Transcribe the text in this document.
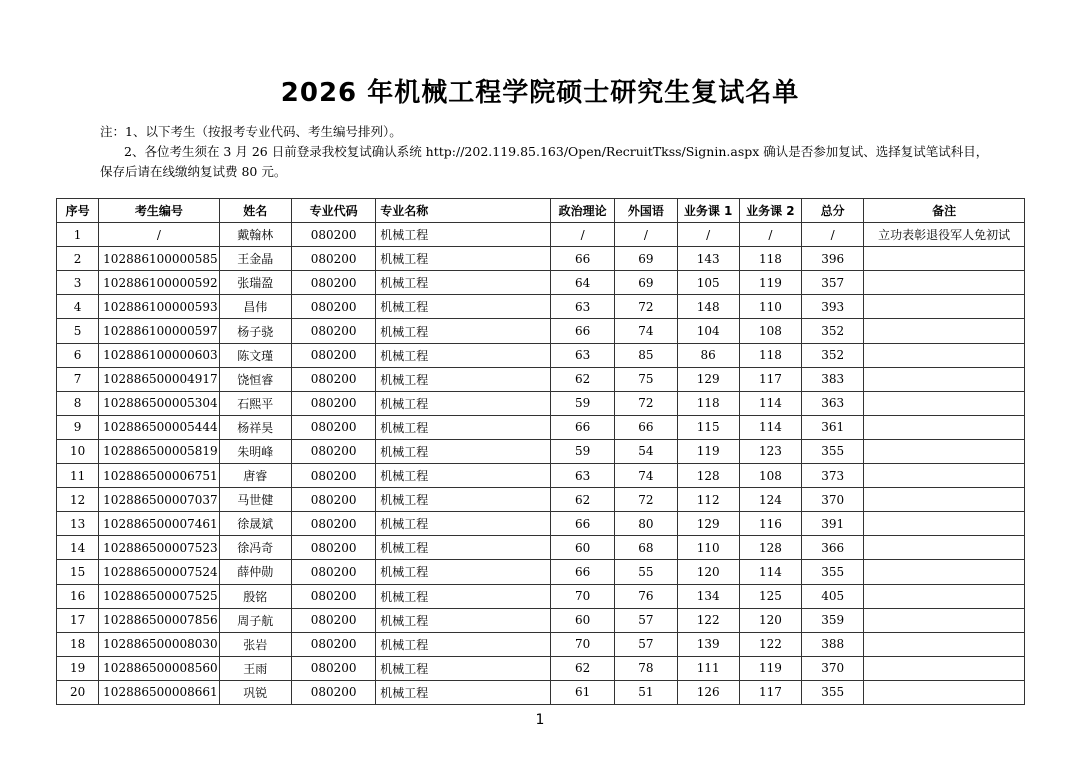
2026 年机械工程学院硕士研究生复试名单
注：1、以下考生（按报考专业代码、考生编号排列）。
2、各位考生须在 3 月 26 日前登录我校复试确认系统 http://202.119.85.163/Open/RecruitTkss/Signin.aspx 确认是否参加复试、选择复试笔试科目，
保存后请在线缴纳复试费 80 元。
序号	考生编号	姓名	专业代码	专业名称	政治理论	外国语	业务课 1	业务课 2	总分	备注
1	/	戴翰林	080200	机械工程	/	/	/	/	/	立功表彰退役军人免初试
2	102886100000585	王金晶	080200	机械工程	66	69	143	118	396	
3	102886100000592	张瑞盈	080200	机械工程	64	69	105	119	357	
4	102886100000593	昌伟	080200	机械工程	63	72	148	110	393	
5	102886100000597	杨子骁	080200	机械工程	66	74	104	108	352	
6	102886100000603	陈文瑾	080200	机械工程	63	85	86	118	352	
7	102886500004917	饶恒睿	080200	机械工程	62	75	129	117	383	
8	102886500005304	石熙平	080200	机械工程	59	72	118	114	363	
9	102886500005444	杨祥昊	080200	机械工程	66	66	115	114	361	
10	102886500005819	朱明峰	080200	机械工程	59	54	119	123	355	
11	102886500006751	唐睿	080200	机械工程	63	74	128	108	373	
12	102886500007037	马世健	080200	机械工程	62	72	112	124	370	
13	102886500007461	徐晟斌	080200	机械工程	66	80	129	116	391	
14	102886500007523	徐冯奇	080200	机械工程	60	68	110	128	366	
15	102886500007524	薛仲勋	080200	机械工程	66	55	120	114	355	
16	102886500007525	殷铭	080200	机械工程	70	76	134	125	405	
17	102886500007856	周子航	080200	机械工程	60	57	122	120	359	
18	102886500008030	张岩	080200	机械工程	70	57	139	122	388	
19	102886500008560	王雨	080200	机械工程	62	78	111	119	370	
20	102886500008661	巩锐	080200	机械工程	61	51	126	117	355	
1
